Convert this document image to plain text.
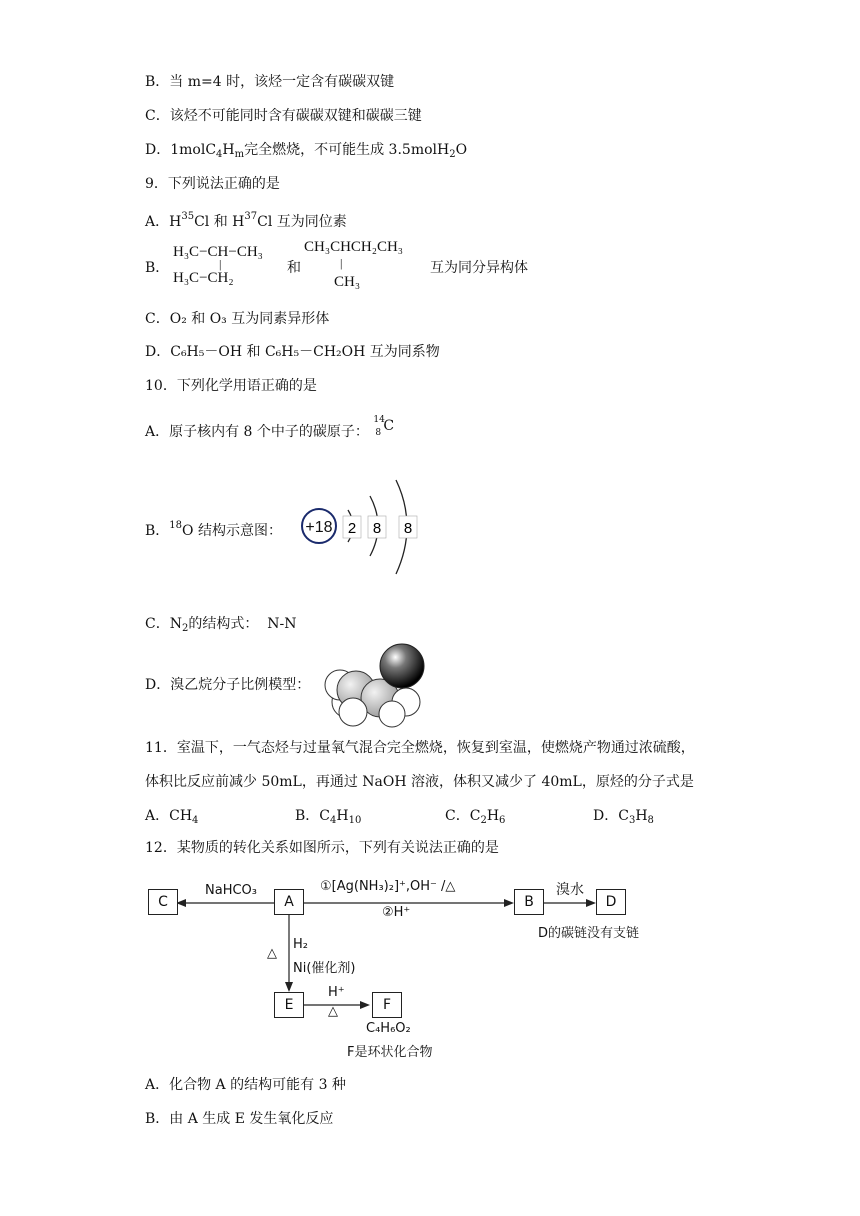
B．当 m=4 时，该烃一定含有碳碳双键
C．该烃不可能同时含有碳碳双键和碳碳三键
D．$1molC_4H_m$完全燃烧，不可能生成 3.5molH$_2$O
9．下列说法正确的是
A．$H^{35}Cl$ 和 $H^{37}Cl$ 互为同位素
B．
H₃C−CH−CH₃
|
H₃C−CH₂
和
CH₃CHCH₂CH₃
|
CH₃
互为同分异构体
C．O₂ 和 O₃ 互为同素异形体
D．C₆H₅－OH 和 C₆H₅－CH₂OH 互为同系物
10．下列化学用语正确的是
A．原子核内有 8 个中子的碳原子：
14
8 C
B．$^{18}$O 结构示意图： +18 2 8 8
C．$N_2$的结构式： N-N
D．溴乙烷分子比例模型：
11．室温下，一气态烃与过量氧气混合完全燃烧，恢复到室温，使燃烧产物通过浓硫酸，
体积比反应前减少 50mL，再通过 NaOH 溶液，体积又减少了 40mL，原烃的分子式是
A．$CH_4$	B．$C_4H_{10}$	C．$C_2H_6$	D．$C_3H_8$
12．某物质的转化关系如图所示，下列有关说法正确的是
C	A	B	D
E	F
NaHCO₃	①[Ag(NH₃)₂]⁺,OH⁻ /△
②H⁺
溴水
D的碳链没有支链
H₂
Ni(催化剂)
△
H⁺
△
C₄H₆O₂
F是环状化合物
A．化合物 A 的结构可能有 3 种
B．由 A 生成 E 发生氧化反应
